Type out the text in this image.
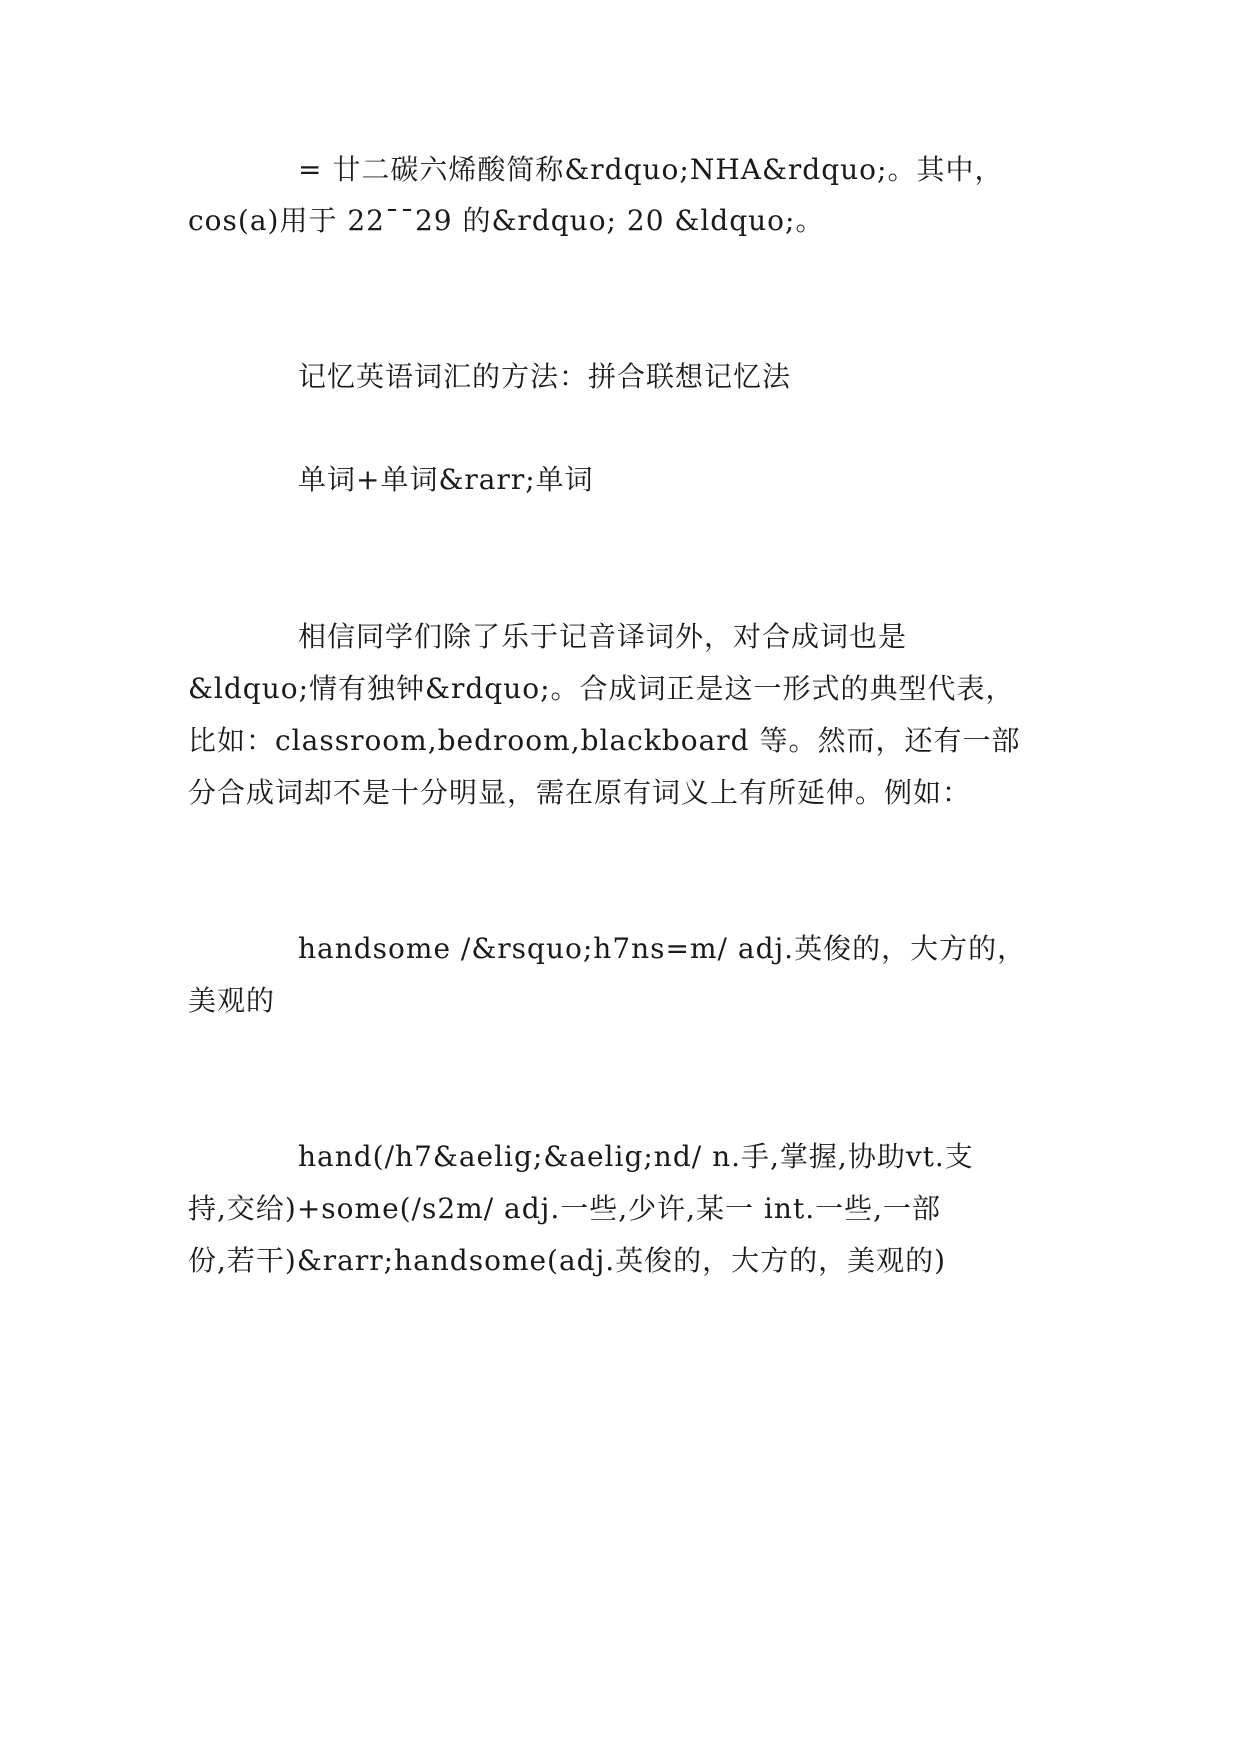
= 廿二碳六烯酸简称&rdquo;NHA&rdquo;。其中，
cos(a)用于 22¯¯29 的&rdquo; 20 &ldquo;。
记忆英语词汇的方法：拼合联想记忆法
单词+单词&rarr;单词
相信同学们除了乐于记音译词外，对合成词也是
&ldquo;情有独钟&rdquo;。合成词正是这一形式的典型代表，
比如：classroom,bedroom,blackboard 等。然而，还有一部
分合成词却不是十分明显，需在原有词义上有所延伸。例如：
handsome /&rsquo;h7ns=m/ adj.英俊的，大方的，
美观的
hand(/h7&aelig;&aelig;nd/ n.手,掌握,协助vt.支
持,交给)+some(/s2m/ adj.一些,少许,某一 int.一些,一部
份,若干)&rarr;handsome(adj.英俊的，大方的，美观的)
